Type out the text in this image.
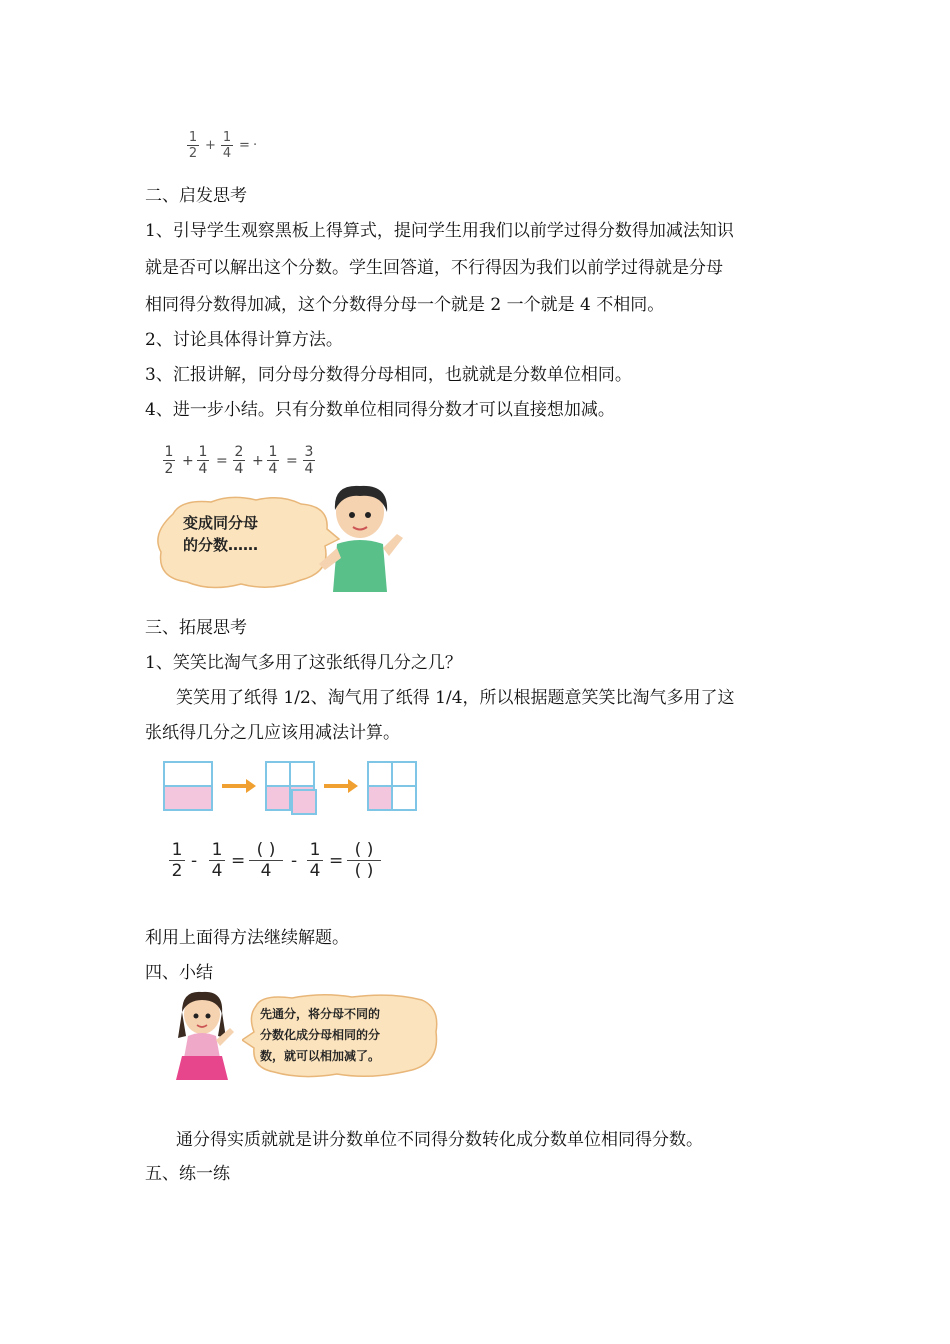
1
2
+
1
4
= ·
二、启发思考
1、引导学生观察黑板上得算式，提问学生用我们以前学过得分数得加减法知识
就是否可以解出这个分数。学生回答道，不行得因为我们以前学过得就是分母
相同得分数得加减，这个分数得分母一个就是 2 一个就是 4 不相同。
2、讨论具体得计算方法。
3、汇报讲解，同分母分数得分母相同，也就就是分数单位相同。
4、进一步小结。只有分数单位相同得分数才可以直接想加减。
1
2 +
1
4 =
2
4 +
1
4 =
3
4
变成同分母
的分数……
三、拓展思考
1、笑笑比淘气多用了这张纸得几分之几？
笑笑用了纸得 1/2、淘气用了纸得 1/4，所以根据题意笑笑比淘气多用了这
张纸得几分之几应该用减法计算。
1
2 -
1
4 =
( )
4 -
1
4 =
( )
( )
利用上面得方法继续解题。
四、小结
先通分，将分母不同的
分数化成分母相同的分
数，就可以相加减了。
通分得实质就就是讲分数单位不同得分数转化成分数单位相同得分数。
五、练一练
